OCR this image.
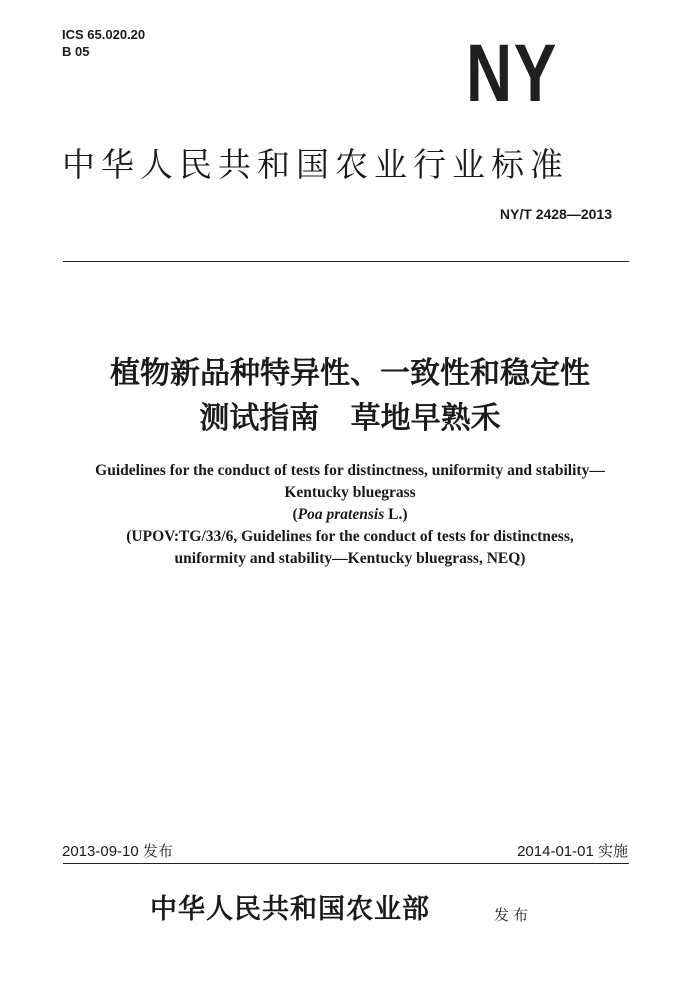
ICS 65.020.20
B 05	NY
中华人民共和国农业行业标准
NY/T 2428—2013
植物新品种特异性、一致性和稳定性
测试指南   草地早熟禾
Guidelines for the conduct of tests for distinctness, uniformity and stability—
Kentucky bluegrass
(Poa pratensis L.)
(UPOV:TG/33/6, Guidelines for the conduct of tests for distinctness,
uniformity and stability—Kentucky bluegrass, NEQ)
2013-09-10 发布	2014-01-01 实施
中华人民共和国农业部	发布
